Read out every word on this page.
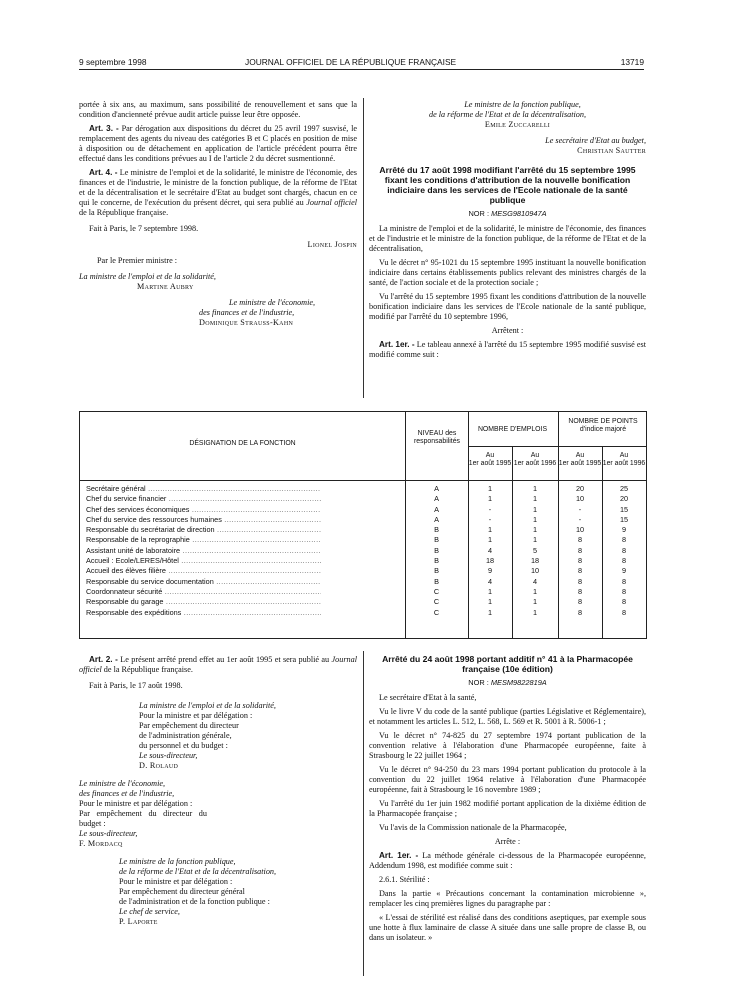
9 septembre 1998	JOURNAL OFFICIEL DE LA RÉPUBLIQUE FRANÇAISE	13719

portée à six ans, au maximum, sans possibilité de renouvellement et sans que la condition d'ancienneté prévue audit article puisse leur être opposée.

Art. 3. - Par dérogation aux dispositions du décret du 25 avril 1997 susvisé, le remplacement des agents du niveau des catégories B et C placés en position de mise à disposition ou de détachement en application de l'article précédent pourra être effectué dans les conditions prévues au I de l'article 2 du décret susmentionné.

Art. 4. - Le ministre de l'emploi et de la solidarité, le ministre de l'économie, des finances et de l'industrie, le ministre de la fonction publique, de la réforme de l'Etat et de la décentralisation et le secrétaire d'Etat au budget sont chargés, chacun en ce qui le concerne, de l'exécution du présent décret, qui sera publié au Journal officiel de la République française.

Fait à Paris, le 7 septembre 1998.

Lionel Jospin

Par le Premier ministre :

La ministre de l'emploi et de la solidarité,

Martine Aubry

Le ministre de l'économie,

des finances et de l'industrie,

Dominique Strauss-Kahn

Le ministre de la fonction publique,

de la réforme de l'Etat et de la décentralisation,

Emile Zuccarelli

Le secrétaire d'Etat au budget,

Christian Sautter

Arrêté du 17 août 1998 modifiant l'arrêté du 15 septembre 1995 fixant les conditions d'attribution de la nouvelle bonification indiciaire dans les services de l'Ecole nationale de la santé publique

NOR : MESG9810947A

La ministre de l'emploi et de la solidarité, le ministre de l'économie, des finances et de l'industrie et le ministre de la fonction publique, de la réforme de l'Etat et de la décentralisation,

Vu le décret n° 95-1021 du 15 septembre 1995 instituant la nouvelle bonification indiciaire dans certains établissements publics relevant des ministres chargés de la santé, de l'action sociale et de la protection sociale ;

Vu l'arrêté du 15 septembre 1995 fixant les conditions d'attribution de la nouvelle bonification indiciaire dans les services de l'Ecole nationale de la santé publique, modifié par l'arrêté du 10 septembre 1996,

Arrêtent :

Art. 1er. - Le tableau annexé à l'arrêté du 15 septembre 1995 modifié susvisé est modifié comme suit :

DÉSIGNATION DE LA FONCTION
NIVEAU des responsabilités
NOMBRE D'EMPLOIS
NOMBRE DE POINTS d'indice majoré
Au
1er août 1995
Au
1er août 1996
Au
1er août 1995
Au
1er août 1996
Secrétaire général .....	A	1	1	20	25
Chef du service financier .....	A	1	1	10	20
Chef des services économiques .....	A	-	1	-	15
Chef du service des ressources humaines .....	A	-	1	-	15
Responsable du secrétariat de direction .....	B	1	1	10	9
Responsable de la reprographie .....	B	1	1	8	8
Assistant unité de laboratoire .....	B	4	5	8	8
Accueil : Ecole/LERES/Hôtel .....	B	18	18	8	8
Accueil des élèves filière .....	B	9	10	8	9
Responsable du service documentation .....	B	4	4	8	8
Coordonnateur sécurité .....	C	1	1	8	8
Responsable du garage .....	C	1	1	8	8
Responsable des expéditions .....	C	1	1	8	8

Art. 2. - Le présent arrêté prend effet au 1er août 1995 et sera publié au Journal officiel de la République française.

Fait à Paris, le 17 août 1998.

La ministre de l'emploi et de la solidarité,

Pour la ministre et par délégation :

Par empêchement du directeur

de l'administration générale,

du personnel et du budget :

Le sous-directeur,

D. Rolaud

Le ministre de l'économie,

des finances et de l'industrie,

Pour le ministre et par délégation :

Par empêchement du directeur du budget :

Le sous-directeur,

F. Mordacq

Le ministre de la fonction publique,

de la réforme de l'Etat et de la décentralisation,

Pour le ministre et par délégation :

Par empêchement du directeur général

de l'administration et de la fonction publique :

Le chef de service,

P. Laporte

Arrêté du 24 août 1998 portant additif n° 41 à la Pharmacopée française (10e édition)

NOR : MESM9822819A

Le secrétaire d'Etat à la santé,

Vu le livre V du code de la santé publique (parties Législative et Réglementaire), et notamment les articles L. 512, L. 568, L. 569 et R. 5001 à R. 5006-1 ;

Vu le décret n° 74-825 du 27 septembre 1974 portant publication de la convention relative à l'élaboration d'une Pharmacopée européenne, faite à Strasbourg le 22 juillet 1964 ;

Vu le décret n° 94-250 du 23 mars 1994 portant publication du protocole à la convention du 22 juillet 1964 relative à l'élaboration d'une Pharmacopée européenne, fait à Strasbourg le 16 novembre 1989 ;

Vu l'arrêté du 1er juin 1982 modifié portant application de la dixième édition de la Pharmacopée française ;

Vu l'avis de la Commission nationale de la Pharmacopée,

Arrête :

Art. 1er. - La méthode générale ci-dessous de la Pharmacopée européenne, Addendum 1998, est modifiée comme suit :

2.6.1. Stérilité :

Dans la partie « Précautions concernant la contamination microbienne », remplacer les cinq premières lignes du paragraphe par :

« L'essai de stérilité est réalisé dans des conditions aseptiques, par exemple sous une hotte à flux laminaire de classe A située dans une salle propre de classe B, ou dans un isolateur. »
